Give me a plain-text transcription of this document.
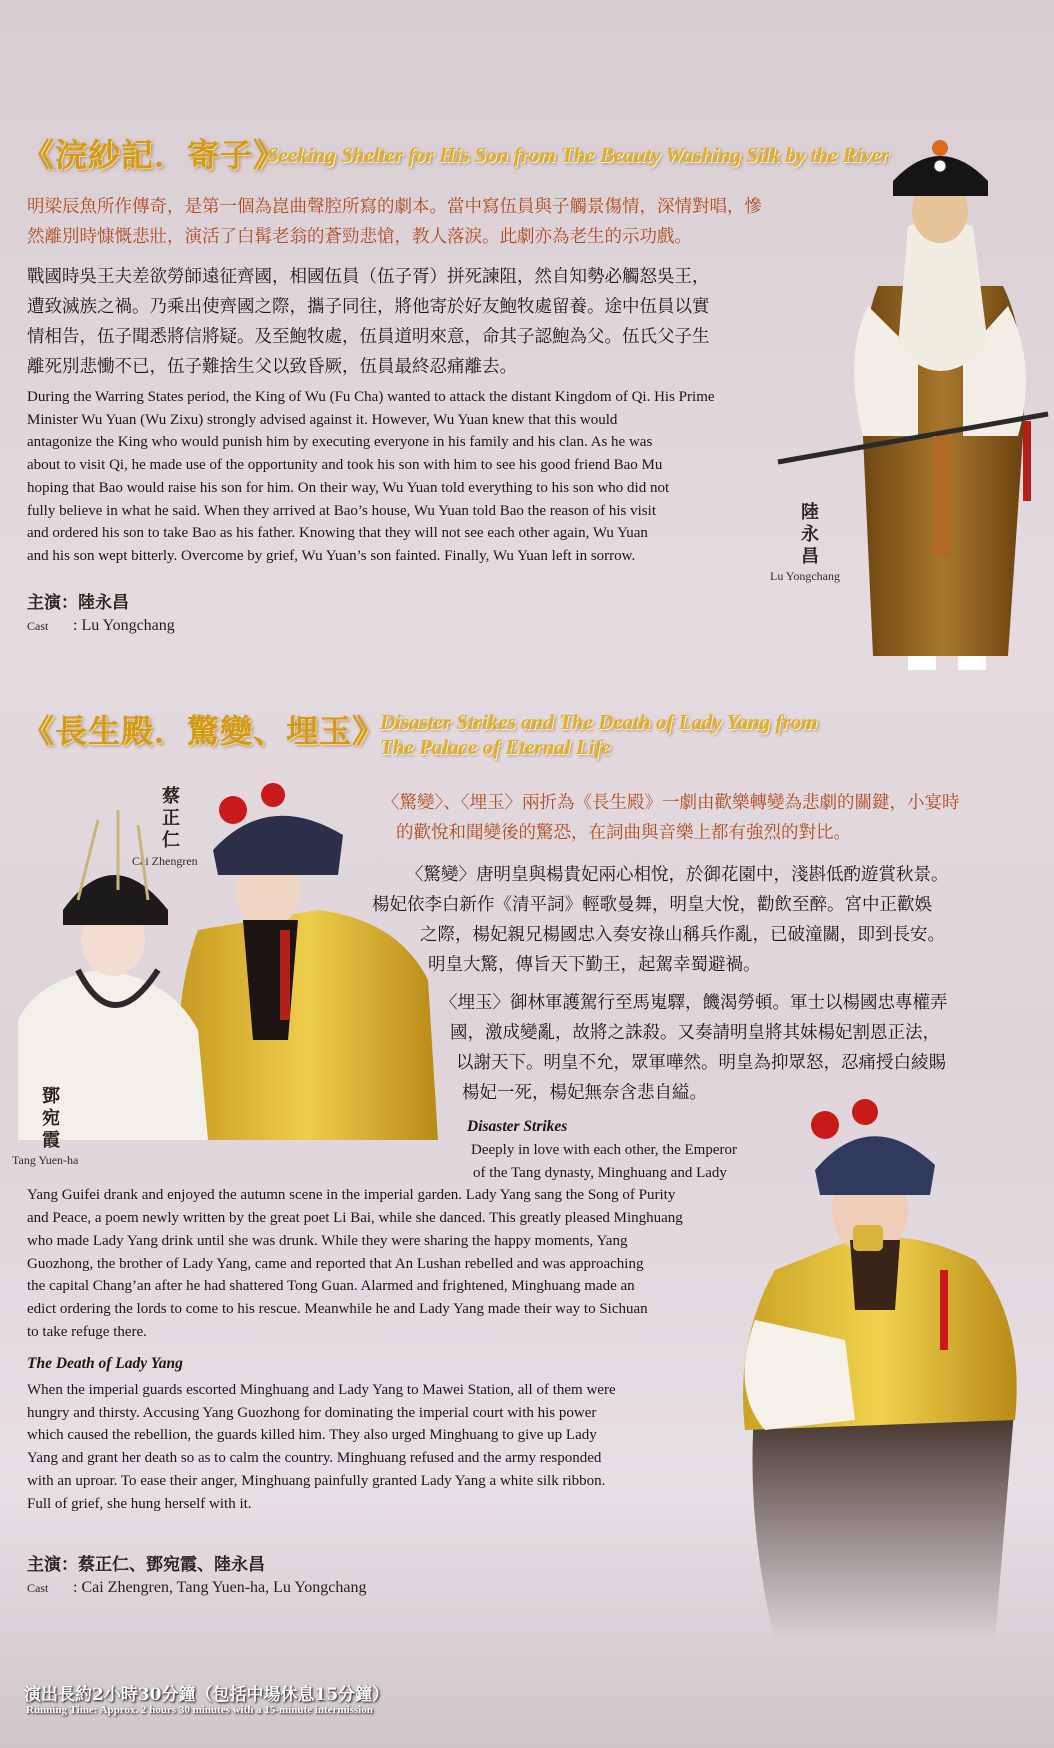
《浣紗記．寄子》
Seeking Shelter for His Son from The Beauty Washing Silk by the River
明梁辰魚所作傳奇，是第一個為崑曲聲腔所寫的劇本。當中寫伍員與子觸景傷情，深情對唱，慘
然離別時慷慨悲壯，演活了白髯老翁的蒼勁悲愴，教人落淚。此劇亦為老生的示功戲。
戰國時吳王夫差欲勞師遠征齊國，相國伍員（伍子胥）拼死諫阻，然自知勢必觸怒吳王，
遭致滅族之禍。乃乘出使齊國之際，攜子同往，將他寄於好友鮑牧處留養。途中伍員以實
情相告，伍子聞悉將信將疑。及至鮑牧處，伍員道明來意，命其子認鮑為父。伍氏父子生
離死別悲慟不已，伍子難捨生父以致昏厥，伍員最終忍痛離去。
During the Warring States period, the King of Wu (Fu Cha) wanted to attack the distant Kingdom of Qi. His Prime
Minister Wu Yuan (Wu Zixu) strongly advised against it. However, Wu Yuan knew that this would
antagonize the King who would punish him by executing everyone in his family and his clan. As he was
about to visit Qi, he made use of the opportunity and took his son with him to see his good friend Bao Mu
hoping that Bao would raise his son for him. On their way, Wu Yuan told everything to his son who did not
fully believe in what he said. When they arrived at Bao’s house, Wu Yuan told Bao the reason of his visit
and ordered his son to take Bao as his father. Knowing that they will not see each other again, Wu Yuan
and his son wept bitterly. Overcome by grief, Wu Yuan’s son fainted. Finally, Wu Yuan left in sorrow.
主演：陸永昌
Cast : Lu Yongchang
陸
永
昌
Lu Yongchang
《長生殿．驚變、埋玉》
Disaster Strikes and The Death of Lady Yang from
The Palace of Eternal Life
蔡
正
仁
Cai Zhengren
〈驚變〉、〈埋玉〉兩折為《長生殿》一劇由歡樂轉變為悲劇的關鍵，小宴時
的歡悅和聞變後的驚恐，在詞曲與音樂上都有強烈的對比。
〈驚變〉唐明皇與楊貴妃兩心相悅，於御花園中，淺斟低酌遊賞秋景。
楊妃依李白新作《清平詞》輕歌曼舞，明皇大悅，勸飲至醉。宮中正歡娛
之際，楊妃親兄楊國忠入奏安祿山稱兵作亂，已破潼關，即到長安。
明皇大驚，傳旨天下勤王，起駕幸蜀避禍。
〈埋玉〉御林軍護駕行至馬嵬驛，饑渴勞頓。軍士以楊國忠專權弄
國，激成變亂，故將之誅殺。又奏請明皇將其妹楊妃割恩正法，
以謝天下。明皇不允，眾軍嘩然。明皇為抑眾怒，忍痛授白綾賜
楊妃一死，楊妃無奈含悲自縊。
鄧
宛
霞
Tang Yuen-ha
Disaster Strikes
Deeply in love with each other, the Emperor
of the Tang dynasty, Minghuang and Lady
Yang Guifei drank and enjoyed the autumn scene in the imperial garden. Lady Yang sang the Song of Purity
and Peace, a poem newly written by the great poet Li Bai, while she danced. This greatly pleased Minghuang
who made Lady Yang drink until she was drunk. While they were sharing the happy moments, Yang
Guozhong, the brother of Lady Yang, came and reported that An Lushan rebelled and was approaching
the capital Chang’an after he had shattered Tong Guan. Alarmed and frightened, Minghuang made an
edict ordering the lords to come to his rescue. Meanwhile he and Lady Yang made their way to Sichuan
to take refuge there.
The Death of Lady Yang
When the imperial guards escorted Minghuang and Lady Yang to Mawei Station, all of them were
hungry and thirsty. Accusing Yang Guozhong for dominating the imperial court with his power
which caused the rebellion, the guards killed him. They also urged Minghuang to give up Lady
Yang and grant her death so as to calm the country. Minghuang refused and the army responded
with an uproar. To ease their anger, Minghuang painfully granted Lady Yang a white silk ribbon.
Full of grief, she hung herself with it.
主演：蔡正仁、鄧宛霞、陸永昌
Cast : Cai Zhengren, Tang Yuen-ha, Lu Yongchang
演出長約2小時30分鐘（包括中場休息15分鐘）
Running Time: Approx. 2 hours 30 minutes with a 15-minute intermission
